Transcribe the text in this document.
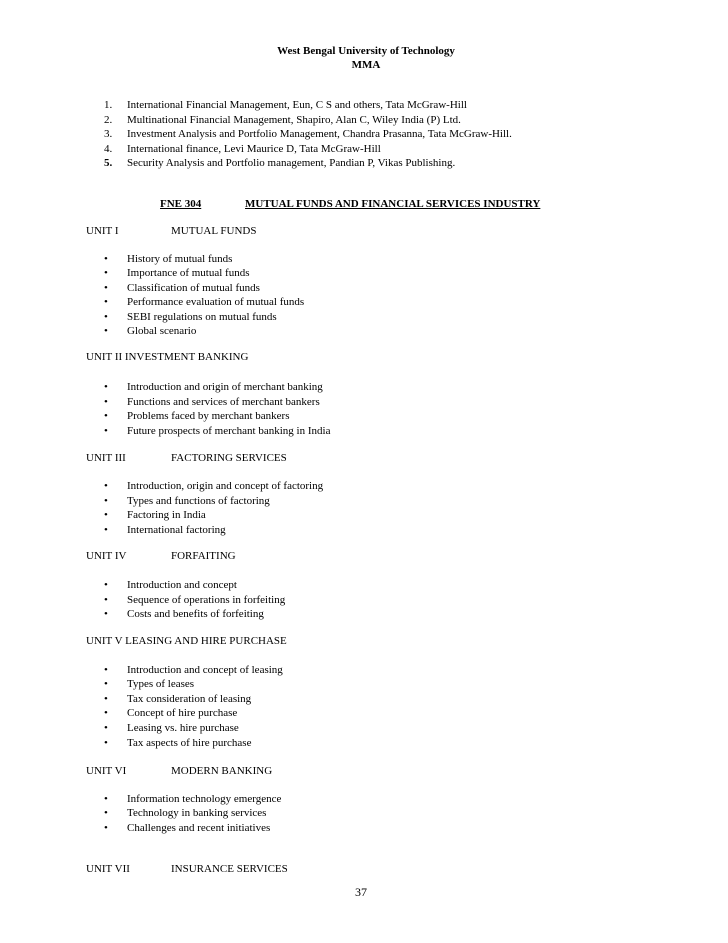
West Bengal University of Technology
MMA
1. International Financial Management, Eun, C S and others, Tata McGraw-Hill
2. Multinational Financial Management, Shapiro, Alan C, Wiley India (P) Ltd.
3. Investment Analysis and Portfolio Management, Chandra Prasanna, Tata McGraw-Hill.
4. International finance, Levi Maurice D, Tata McGraw-Hill
5. Security Analysis and Portfolio management, Pandian P, Vikas Publishing.
FNE 304	MUTUAL FUNDS AND FINANCIAL SERVICES INDUSTRY
UNIT I	MUTUAL FUNDS
• History of mutual funds
• Importance of mutual funds
• Classification of mutual funds
• Performance evaluation of mutual funds
• SEBI regulations on mutual funds
• Global scenario
UNIT II INVESTMENT BANKING
• Introduction and origin of merchant banking
• Functions and services of merchant bankers
• Problems faced by merchant bankers
• Future prospects of merchant banking in India
UNIT III	FACTORING SERVICES
• Introduction, origin and concept of factoring
• Types and functions of factoring
• Factoring in India
• International factoring
UNIT IV	FORFAITING
• Introduction and concept
• Sequence of operations in forfeiting
• Costs and benefits of forfeiting
UNIT V LEASING AND HIRE PURCHASE
• Introduction and concept of leasing
• Types of leases
• Tax consideration of leasing
• Concept of hire purchase
• Leasing vs. hire purchase
• Tax aspects of hire purchase
UNIT VI	MODERN BANKING
• Information technology emergence
• Technology in banking services
• Challenges and recent initiatives
UNIT VII	INSURANCE SERVICES
37
